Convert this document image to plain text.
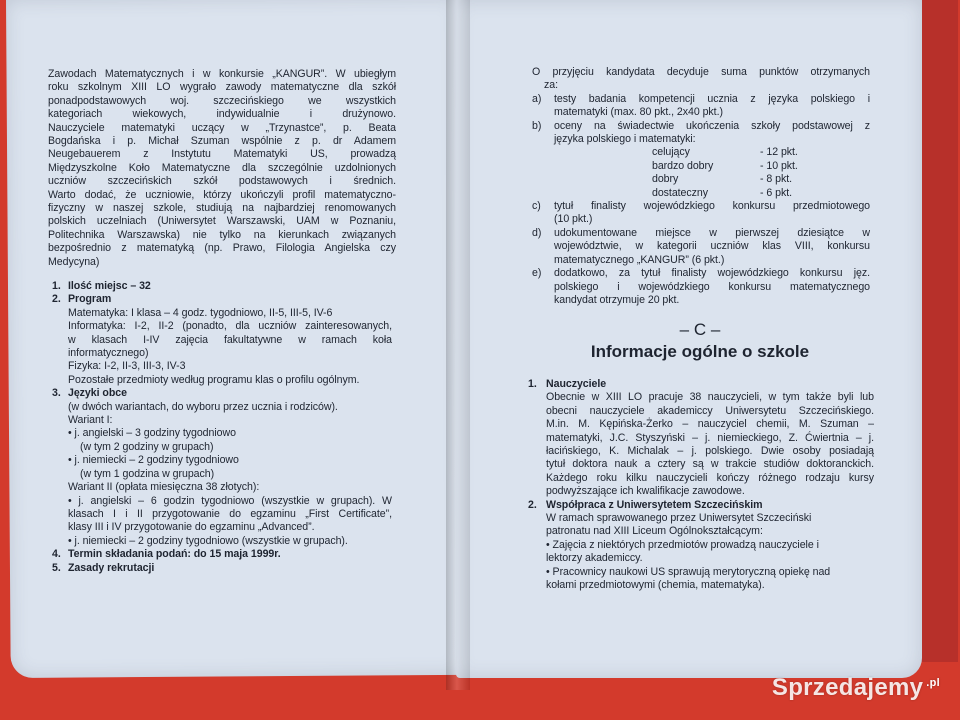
Zawodach Matematycznych i w konkursie „KANGUR”. W ubiegłym
roku szkolnym XIII LO wygrało zawody matematyczne dla szkół
ponadpodstawowych woj. szczecińskiego we wszystkich
kategoriach wiekowych, indywidualnie i drużynowo.
Nauczyciele matematyki uczący w „Trzynastce”, p. Beata
Bogdańska i p. Michał Szuman wspólnie z p. dr Adamem
Neugebauerem z Instytutu Matematyki US, prowadzą
Międzyszkolne Koło Matematyczne dla szczególnie uzdolnionych
uczniów szczecińskich szkół podstawowych i średnich.
Warto dodać, że uczniowie, którzy ukończyli profil matematyczno-
fizyczny w naszej szkole, studiują na najbardziej renomowanych
polskich uczelniach (Uniwersytet Warszawski, UAM w Poznaniu,
Politechnika Warszawska) nie tylko na kierunkach związanych
bezpośrednio z matematyką (np. Prawo, Filologia Angielska czy
Medycyna)
1. Ilość miejsc – 32
2. Program
Matematyka: I klasa – 4 godz. tygodniowo, II-5, III-5, IV-6
Informatyka: I-2, II-2 (ponadto, dla uczniów zainteresowanych,
w klasach I-IV zajęcia fakultatywne w ramach koła
informatycznego)
Fizyka: I-2, II-3, III-3, IV-3
Pozostałe przedmioty według programu klas o profilu ogólnym.
3. Języki obce
(w dwóch wariantach, do wyboru przez ucznia i rodziców).
Wariant I:
• j. angielski – 3 godziny tygodniowo
(w tym 2 godziny w grupach)
• j. niemiecki – 2 godziny tygodniowo
(w tym 1 godzina w grupach)
Wariant II (opłata miesięczna 38 złotych):
• j. angielski – 6 godzin tygodniowo (wszystkie w grupach). W
klasach I i II przygotowanie do egzaminu „First Certificate”,
klasy III i IV przygotowanie do egzaminu „Advanced”.
• j. niemiecki – 2 godziny tygodniowo (wszystkie w grupach).
4. Termin składania podań: do 15 maja 1999r.
5. Zasady rekrutacji
O przyjęciu kandydata decyduje suma punktów otrzymanych
za:
a)	testy badania kompetencji ucznia z języka polskiego i
matematyki (max. 80 pkt., 2x40 pkt.)
b)	oceny na świadectwie ukończenia szkoły podstawowej z
języka polskiego i matematyki:
celujący	- 12 pkt.
bardzo dobry	- 10 pkt.
dobry	- 8 pkt.
dostateczny	- 6 pkt.
c)	tytuł finalisty wojewódzkiego konkursu przedmiotowego
(10 pkt.)
d)	udokumentowane miejsce w pierwszej dziesiątce w
województwie, w kategorii uczniów klas VIII, konkursu
matematycznego „KANGUR” (6 pkt.)
e)	dodatkowo, za tytuł finalisty wojewódzkiego konkursu jęz.
polskiego i wojewódzkiego konkursu matematycznego
kandydat otrzymuje 20 pkt.
– C –
Informacje ogólne o szkole
1. Nauczyciele
Obecnie w XIII LO pracuje 38 nauczycieli, w tym także byli lub
obecni nauczyciele akademiccy Uniwersytetu Szczecińskiego.
M.in. M. Kępińska-Żerko – nauczyciel chemii, M. Szuman –
matematyki, J.C. Styszyński – j. niemieckiego, Z. Ćwiertnia – j.
łacińskiego, K. Michalak – j. polskiego. Dwie osoby posiadają
tytuł doktora nauk a cztery są w trakcie studiów doktoranckich.
Każdego roku kilku nauczycieli kończy różnego rodzaju kursy
podwyższające ich kwalifikacje zawodowe.
2. Współpraca z Uniwersytetem Szczecińskim
W ramach sprawowanego przez Uniwersytet Szczeciński
patronatu nad XIII Liceum Ogólnokształcącym:
• Zajęcia z niektórych przedmiotów prowadzą nauczyciele i
lektorzy akademiccy.
• Pracownicy naukowi US sprawują merytoryczną opiekę nad
kołami przedmiotowymi (chemia, matematyka).
Sprzedajemy $^{.pl}$
